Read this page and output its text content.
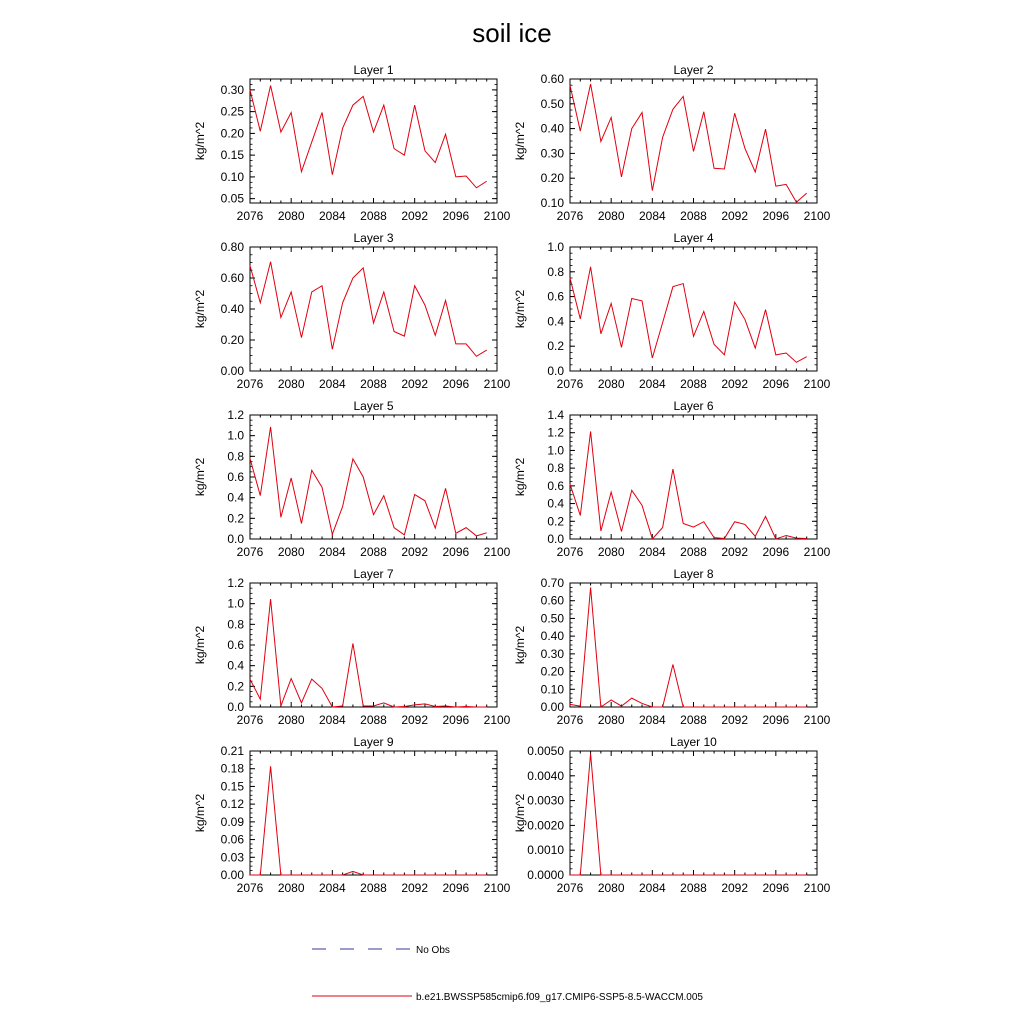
soil ice
Layer 1
2076 2080 2084 2088 2092 2096 2100
0.05
0.10
0.15
0.20
0.25
0.30
kg/m^2
Layer 2
2076 2080 2084 2088 2092 2096 2100
0.10
0.20
0.30
0.40
0.50
0.60
kg/m^2
Layer 3
2076 2080 2084 2088 2092 2096 2100
0.00
0.20
0.40
0.60
0.80
kg/m^2
Layer 4
2076 2080 2084 2088 2092 2096 2100
0.0
0.2
0.4
0.6
0.8
1.0
kg/m^2
Layer 5
2076 2080 2084 2088 2092 2096 2100
0.0
0.2
0.4
0.6
0.8
1.0
1.2
kg/m^2
Layer 6
2076 2080 2084 2088 2092 2096 2100
0.0
0.2
0.4
0.6
0.8
1.0
1.2
1.4
kg/m^2
Layer 7
2076 2080 2084 2088 2092 2096 2100
0.0
0.2
0.4
0.6
0.8
1.0
1.2
kg/m^2
Layer 8
2076 2080 2084 2088 2092 2096 2100
0.00
0.10
0.20
0.30
0.40
0.50
0.60
0.70
kg/m^2
Layer 9
2076 2080 2084 2088 2092 2096 2100
0.00
0.03
0.06
0.09
0.12
0.15
0.18
0.21
kg/m^2
Layer 10
2076 2080 2084 2088 2092 2096 2100
0.0000
0.0010
0.0020
0.0030
0.0040
0.0050
kg/m^2
No Obs
b.e21.BWSSP585cmip6.f09_g17.CMIP6-SSP5-8.5-WACCM.005
